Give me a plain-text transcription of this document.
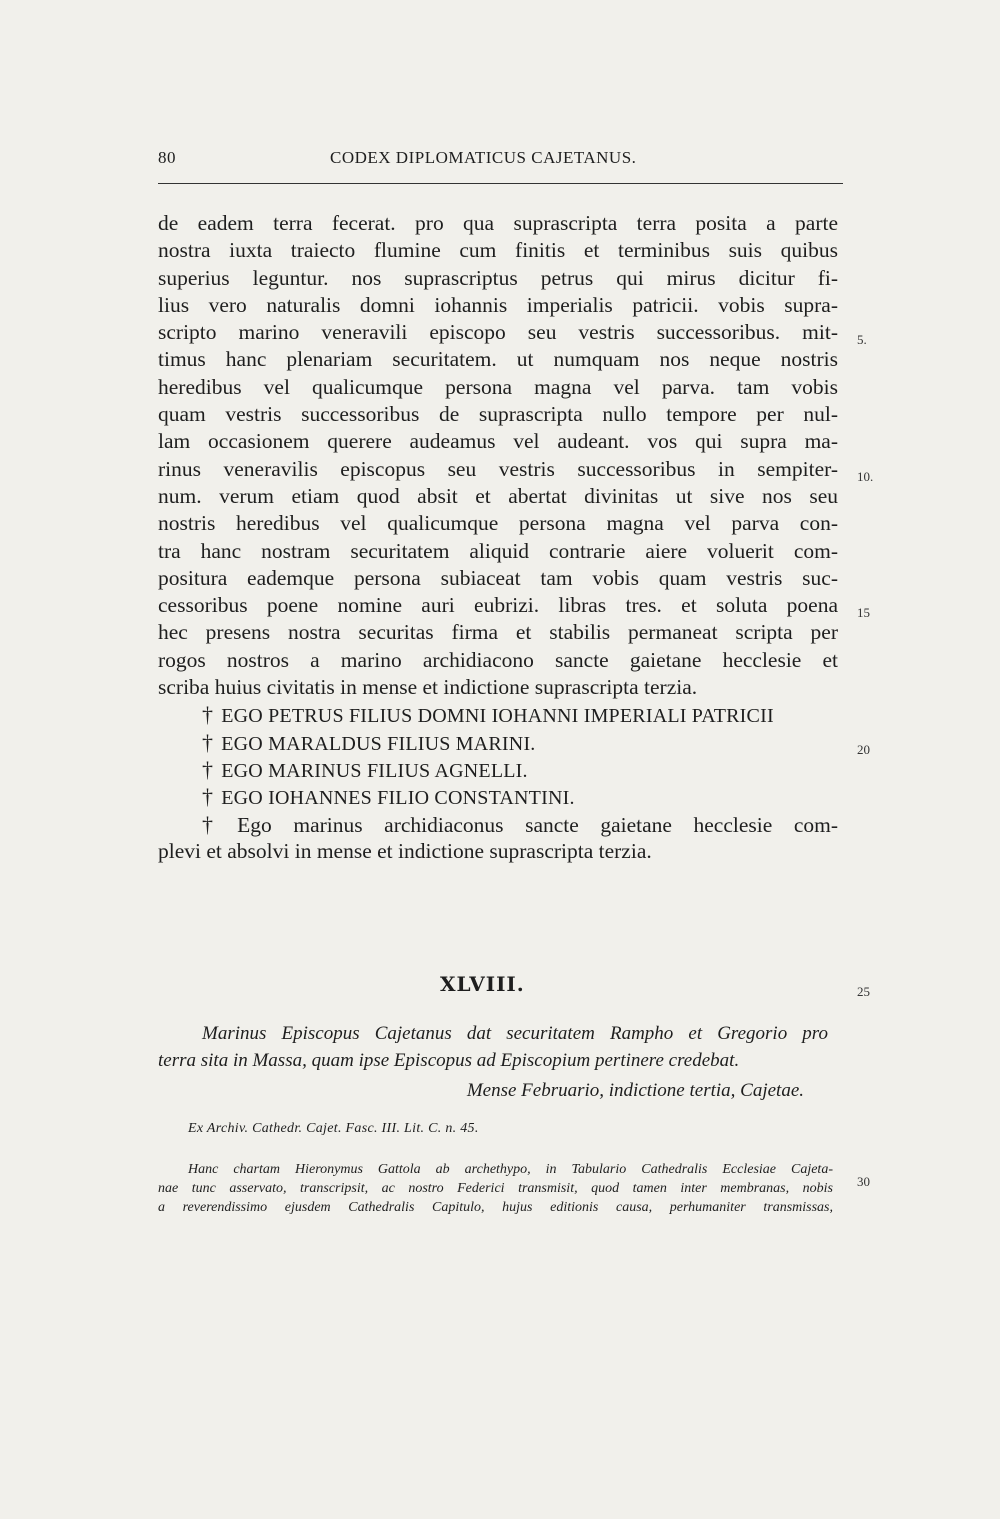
80	CODEX DIPLOMATICUS CAJETANUS.
de eadem terra fecerat. pro qua suprascripta terra posita a parte
nostra iuxta traiecto flumine cum finitis et terminibus suis quibus
superius leguntur. nos suprascriptus petrus qui mirus dicitur fi-
lius vero naturalis domni iohannis imperialis patricii. vobis supra-
scripto marino veneravili episcopo seu vestris successoribus. mit-
timus hanc plenariam securitatem. ut numquam nos neque nostris
heredibus vel qualicumque persona magna vel parva. tam vobis
quam vestris successoribus de suprascripta nullo tempore per nul-
lam occasionem querere audeamus vel audeant. vos qui supra ma-
rinus veneravilis episcopus seu vestris successoribus in sempiter-
num. verum etiam quod absit et abertat divinitas ut sive nos seu
nostris heredibus vel qualicumque persona magna vel parva con-
tra hanc nostram securitatem aliquid contrarie aiere voluerit com-
positura eademque persona subiaceat tam vobis quam vestris suc-
cessoribus poene nomine auri eubrizi. libras tres. et soluta poena
hec presens nostra securitas firma et stabilis permaneat scripta per
rogos nostros a marino archidiacono sancte gaietane hecclesie et
scriba huius civitatis in mense et indictione suprascripta terzia.
† EGO PETRUS FILIUS DOMNI IOHANNI IMPERIALI PATRICII
† EGO MARALDUS FILIUS MARINI.
† EGO MARINUS FILIUS AGNELLI.
† EGO IOHANNES FILIO CONSTANTINI.
† Ego marinus archidiaconus sancte gaietane hecclesie com-
plevi et absolvi in mense et indictione suprascripta terzia.
5.
10.
15
20
25
30
XLVIII.
Marinus Episcopus Cajetanus dat securitatem Rampho et Gregorio pro
terra sita in Massa, quam ipse Episcopus ad Episcopium pertinere credebat.
Mense Februario, indictione tertia, Cajetae.
Ex Archiv. Cathedr. Cajet. Fasc. III. Lit. C. n. 45.
Hanc chartam Hieronymus Gattola ab archethypo, in Tabulario Cathedralis Ecclesiae Cajeta-
nae tunc asservato, transcripsit, ac nostro Federici transmisit, quod tamen inter membranas, nobis
a reverendissimo ejusdem Cathedralis Capitulo, hujus editionis causa, perhumaniter transmissas,
